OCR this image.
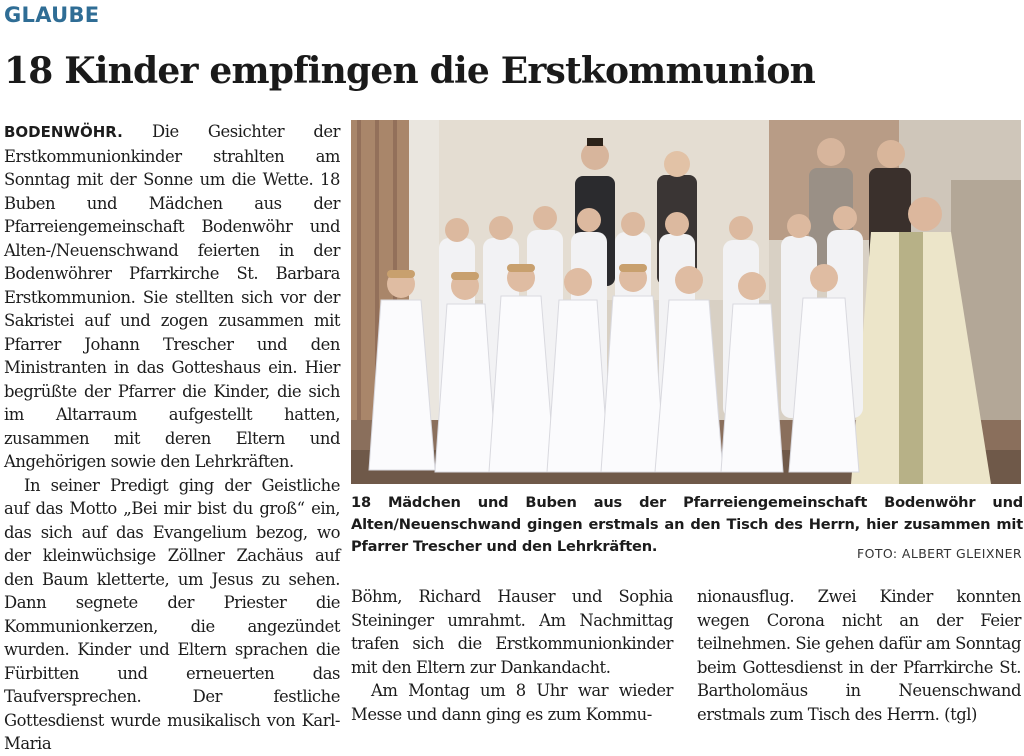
GLAUBE
18 Kinder empfingen die Erstkommunion

BODENWÖHR. Die Gesichter der Erstkommunionkinder strahlten am Sonntag mit der Sonne um die Wette. 18 Buben und Mädchen aus der Pfarreiengemeinschaft Bodenwöhr und Alten-/Neuenschwand feierten in der Bodenwöhrer Pfarrkirche St. Barbara Erstkommunion. Sie stellten sich vor der Sakristei auf und zogen zusammen mit Pfarrer Johann Trescher und den Ministranten in das Gotteshaus ein. Hier begrüßte der Pfarrer die Kinder, die sich im Altarraum aufgestellt hatten, zusammen mit deren Eltern und Angehörigen sowie den Lehrkräften.

In seiner Predigt ging der Geistliche auf das Motto „Bei mir bist du groß“ ein, das sich auf das Evangelium bezog, wo der kleinwüchsige Zöllner Zachäus auf den Baum kletterte, um Jesus zu sehen. Dann segnete der Priester die Kommunionkerzen, die angezündet wurden. Kinder und Eltern sprachen die Fürbitten und erneuerten das Taufversprechen. Der festliche Gottesdienst wurde musikalisch von Karl-Maria

18 Mädchen und Buben aus der Pfarreiengemeinschaft Bodenwöhr und Alten/Neuenschwand gingen erstmals an den Tisch des Herrn, hier zusammen mit Pfarrer Trescher und den Lehrkräften.	FOTO: ALBERT GLEIXNER

Böhm, Richard Hauser und Sophia Steininger umrahmt. Am Nachmittag trafen sich die Erstkommunionkinder mit den Eltern zur Dankandacht.

Am Montag um 8 Uhr war wieder Messe und dann ging es zum Kommu-

nionausflug. Zwei Kinder konnten wegen Corona nicht an der Feier teilnehmen. Sie gehen dafür am Sonntag beim Gottesdienst in der Pfarrkirche St. Bartholomäus in Neuenschwand erstmals zum Tisch des Herrn. (tgl)
